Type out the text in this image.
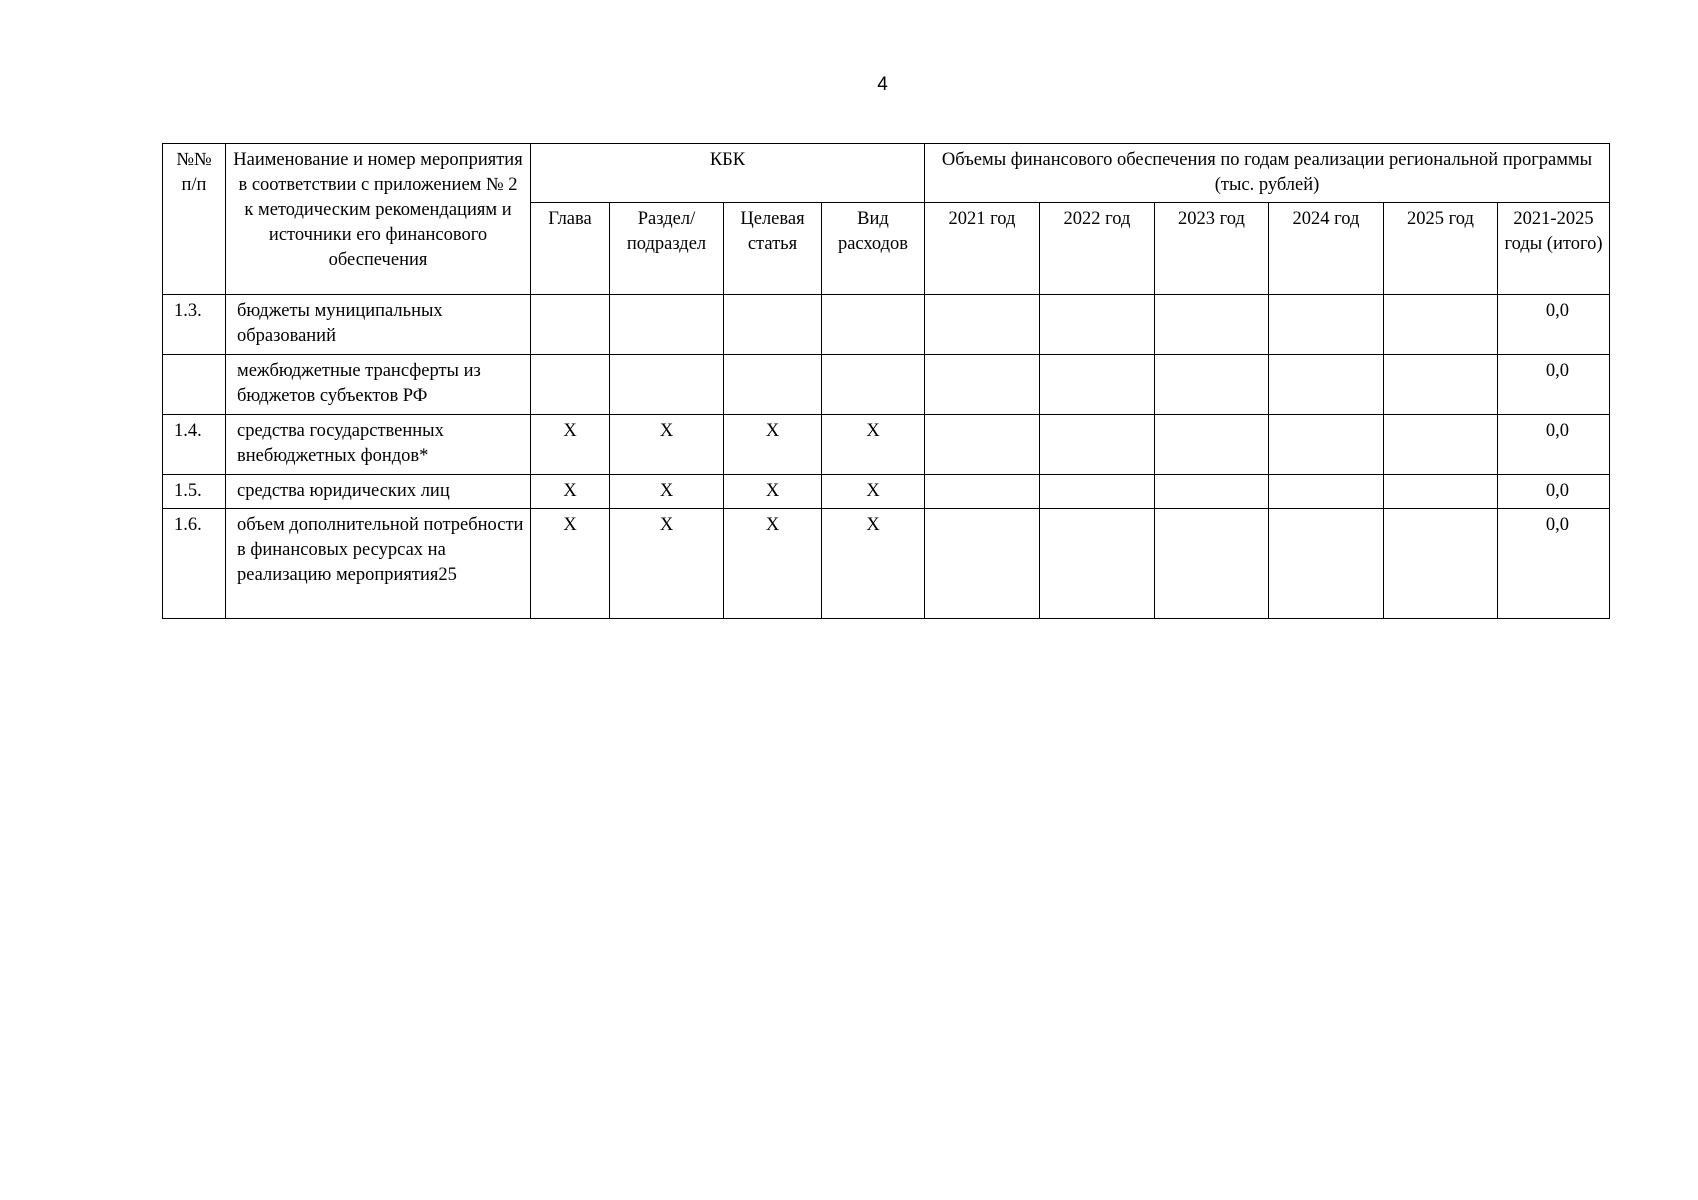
4
№№ п/п	Наименование и номер мероприятия в соответствии с приложением № 2 к методическим рекомендациям и источники его финансового обеспечения	КБК				Объемы финансового обеспечения по годам реализации региональной программы (тыс. рублей)					
		Глава	Раздел/ подраздел	Целевая статья	Вид расходов	2021 год	2022 год	2023 год	2024 год	2025 год	2021-2025 годы (итого)
1.3.	бюджеты муниципальных образований										0,0
	межбюджетные трансферты из бюджетов субъектов РФ										0,0
1.4.	средства государственных внебюджетных фондов*	X	X	X	X						0,0
1.5.	средства юридических лиц	X	X	X	X						0,0
1.6.	объем дополнительной потребности в финансовых ресурсах на реализацию мероприятия25	X	X	X	X						0,0
